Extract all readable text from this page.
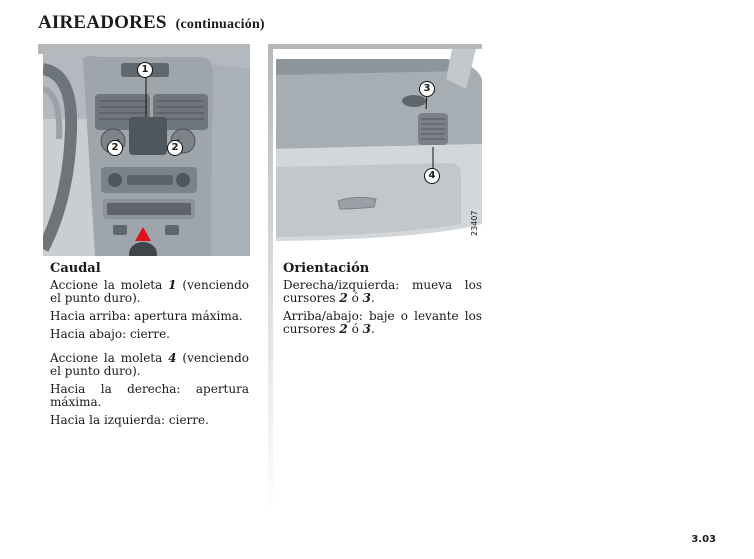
AIREADORES (continuación)
1
2	2
3
4
23407
Caudal

Accione la moleta 1 (venciendo el punto duro).

Hacia arriba: apertura máxima.

Hacia abajo: cierre.

Accione la moleta 4 (venciendo el punto duro).

Hacia la derecha: apertura máxima.

Hacia la izquierda: cierre.

Orientación

Derecha/izquierda: mueva los cursores 2 ó 3.

Arriba/abajo: baje o levante los cursores 2 ó 3.

3.03
